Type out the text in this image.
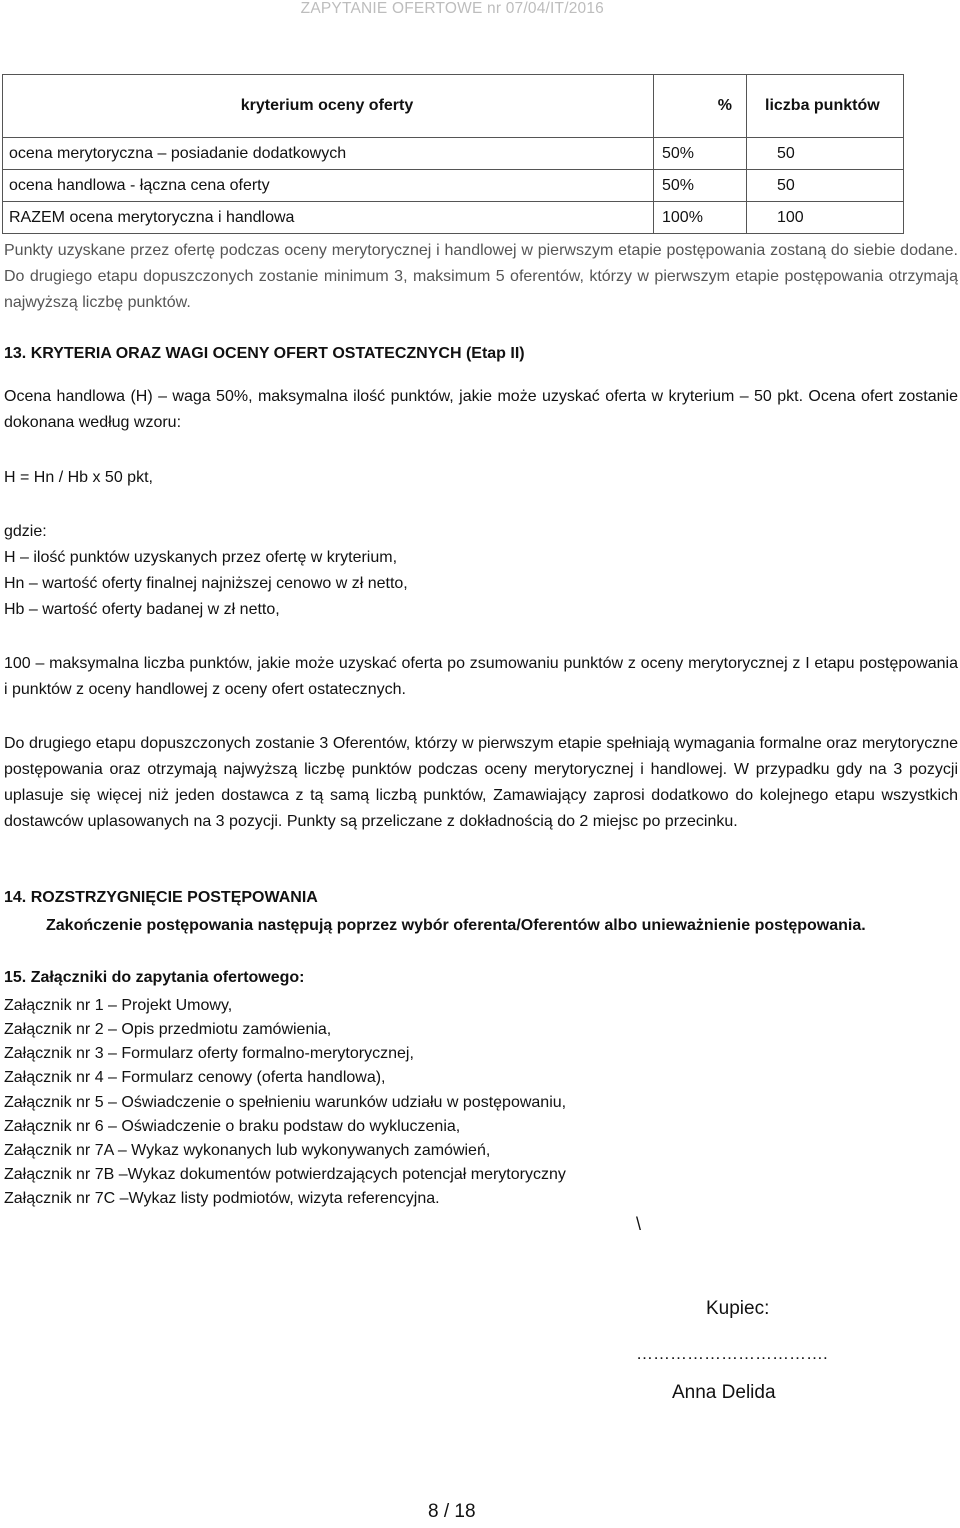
ZAPYTANIE OFERTOWE nr 07/04/IT/2016
kryterium oceny oferty	%	liczba punktów
ocena merytoryczna – posiadanie dodatkowych	50%	50
ocena handlowa - łączna cena oferty	50%	50
RAZEM ocena merytoryczna i handlowa	100%	100
Punkty uzyskane przez ofertę podczas oceny merytorycznej i handlowej w pierwszym etapie postępowania zostaną do siebie dodane. Do drugiego etapu dopuszczonych zostanie minimum 3, maksimum 5 oferentów, którzy w pierwszym etapie postępowania otrzymają najwyższą liczbę punktów.
13. KRYTERIA ORAZ WAGI OCENY OFERT OSTATECZNYCH (Etap II)
Ocena handlowa (H) – waga 50%, maksymalna ilość punktów, jakie może uzyskać oferta w kryterium – 50 pkt. Ocena ofert zostanie dokonana według wzoru:
H = Hn / Hb x 50 pkt,
gdzie:
H – ilość punktów uzyskanych przez ofertę w kryterium,
Hn – wartość oferty finalnej najniższej cenowo w zł netto,
Hb – wartość oferty badanej w zł netto,
100 – maksymalna liczba punktów, jakie może uzyskać oferta po zsumowaniu punktów z oceny merytorycznej z I etapu postępowania i punktów z oceny handlowej z oceny ofert ostatecznych.
Do drugiego etapu dopuszczonych zostanie 3 Oferentów, którzy w pierwszym etapie spełniają wymagania formalne oraz merytoryczne postępowania oraz otrzymają najwyższą liczbę punktów podczas oceny merytorycznej i handlowej. W przypadku gdy na 3 pozycji uplasuje się więcej niż jeden dostawca z tą samą liczbą punktów, Zamawiający zaprosi dodatkowo do kolejnego etapu wszystkich dostawców uplasowanych na 3 pozycji. Punkty są przeliczane z dokładnością do 2 miejsc po przecinku.
14. ROZSTRZYGNIĘCIE POSTĘPOWANIA
Zakończenie postępowania następują poprzez wybór oferenta/Oferentów albo unieważnienie postępowania.
15. Załączniki do zapytania ofertowego:
Załącznik nr 1 – Projekt Umowy,
Załącznik nr 2 – Opis przedmiotu zamówienia,
Załącznik nr 3 – Formularz oferty formalno-merytorycznej,
Załącznik nr 4 – Formularz cenowy (oferta handlowa),
Załącznik nr 5 – Oświadczenie o spełnieniu warunków udziału w postępowaniu,
Załącznik nr 6 – Oświadczenie o braku podstaw do wykluczenia,
Załącznik nr 7A – Wykaz wykonanych lub wykonywanych zamówień,
Załącznik nr 7B –Wykaz dokumentów potwierdzających potencjał merytoryczny
Załącznik nr 7C –Wykaz listy podmiotów, wizyta referencyjna.
\
Kupiec:
…………………………….
Anna Delida
8 / 18
